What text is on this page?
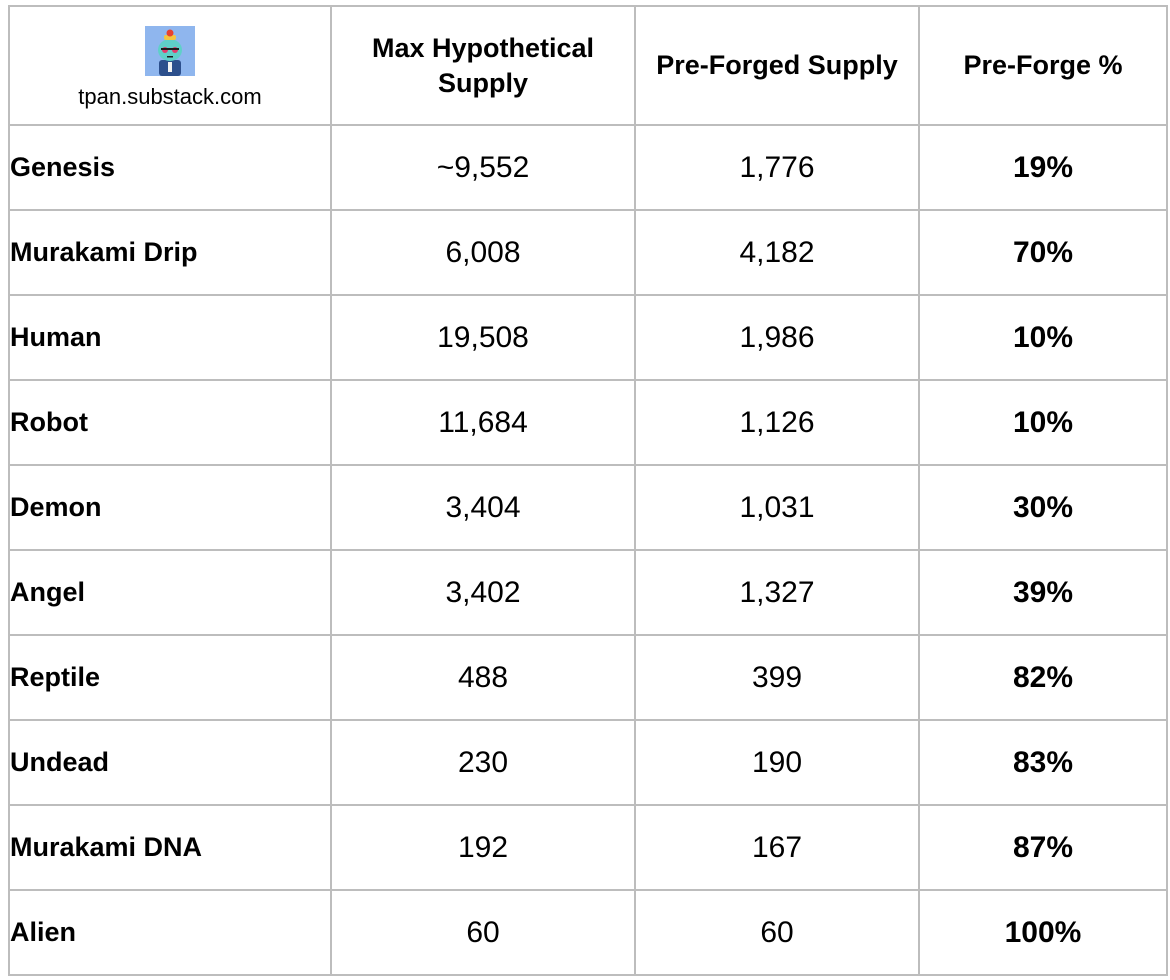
tpan.substack.com	Max Hypothetical Supply	Pre-Forged Supply	Pre-Forge %
Genesis	~9,552	1,776	19%
Murakami Drip	6,008	4,182	70%
Human	19,508	1,986	10%
Robot	11,684	1,126	10%
Demon	3,404	1,031	30%
Angel	3,402	1,327	39%
Reptile	488	399	82%
Undead	230	190	83%
Murakami DNA	192	167	87%
Alien	60	60	100%
